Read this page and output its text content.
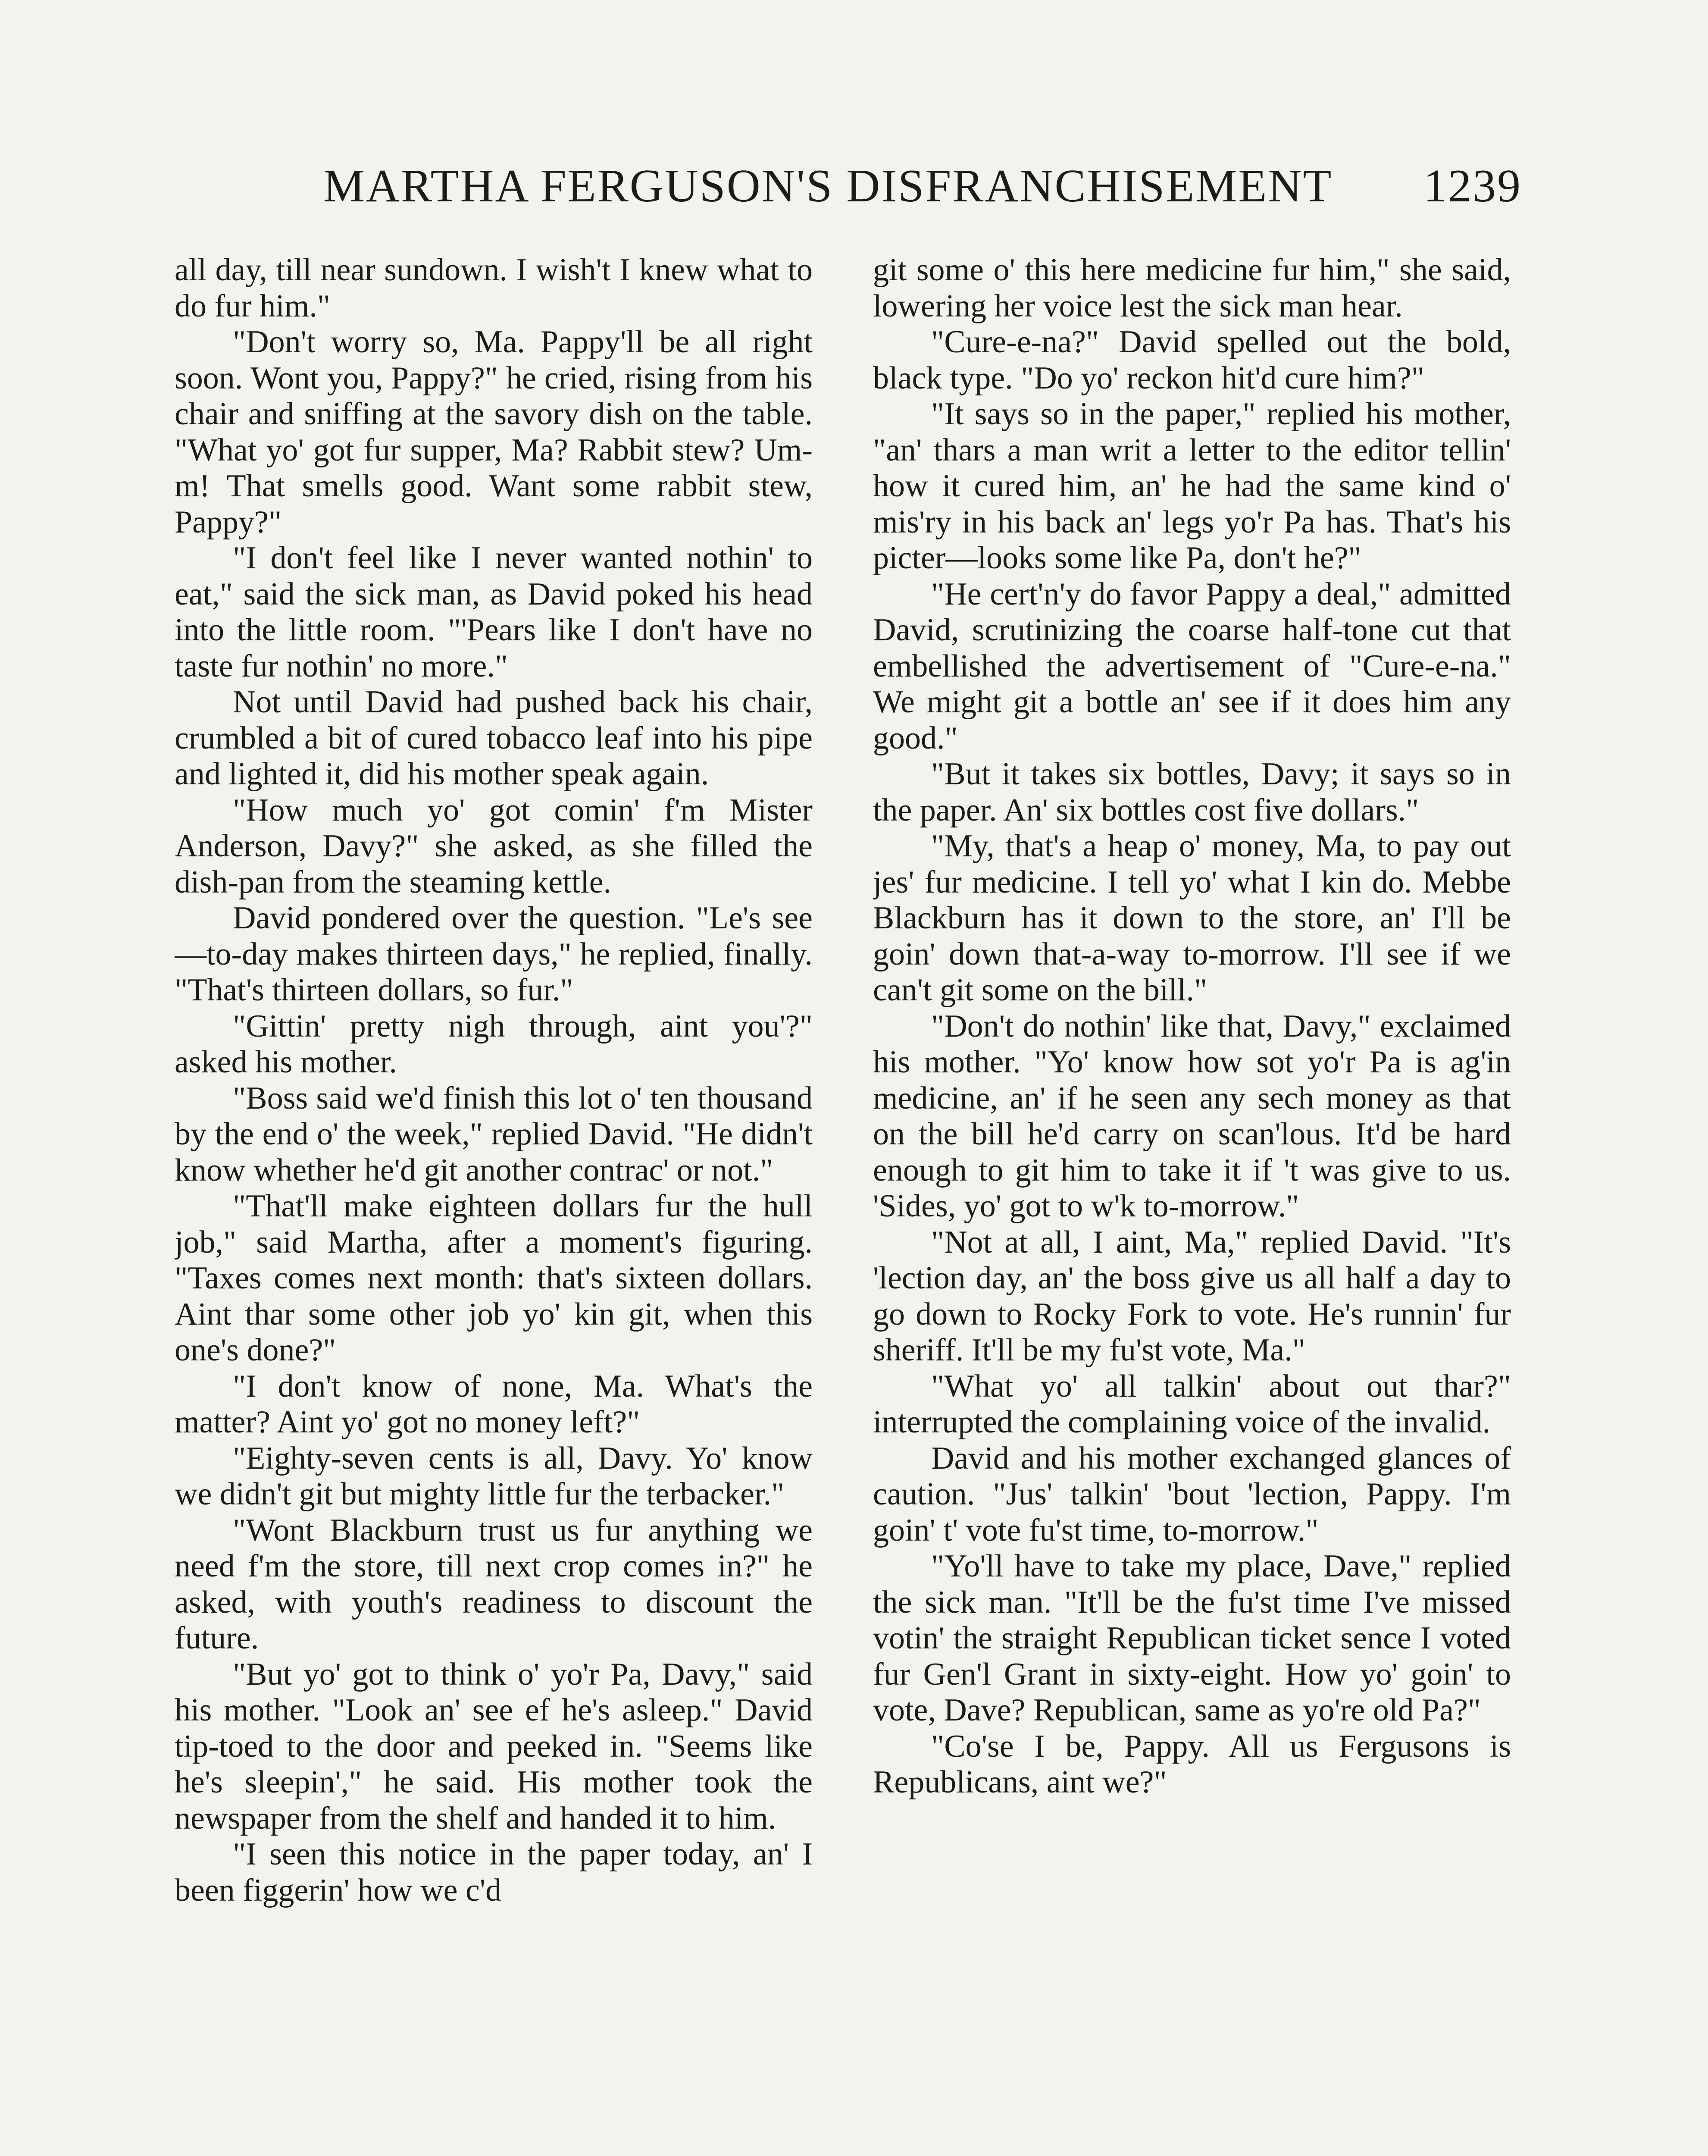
MARTHA FERGUSON'S DISFRANCHISEMENT 1239

all day, till near sundown. I wish't I knew what to do fur him."

"Don't worry so, Ma. Pappy'll be all right soon. Wont you, Pappy?" he cried, rising from his chair and sniffing at the savory dish on the table. "What yo' got fur supper, Ma? Rabbit stew? Um-m! That smells good. Want some rabbit stew, Pappy?"

"I don't feel like I never wanted nothin' to eat," said the sick man, as David poked his head into the little room. "'Pears like I don't have no taste fur nothin' no more."

Not until David had pushed back his chair, crumbled a bit of cured tobacco leaf into his pipe and lighted it, did his mother speak again.

"How much yo' got comin' f'm Mister Anderson, Davy?" she asked, as she filled the dish-pan from the steaming kettle.

David pondered over the question. "Le's see—to-day makes thirteen days," he replied, finally. "That's thirteen dollars, so fur."

"Gittin' pretty nigh through, aint you'?" asked his mother.

"Boss said we'd finish this lot o' ten thousand by the end o' the week," replied David. "He didn't know whether he'd git another contrac' or not."

"That'll make eighteen dollars fur the hull job," said Martha, after a moment's figuring. "Taxes comes next month: that's sixteen dollars. Aint thar some other job yo' kin git, when this one's done?"

"I don't know of none, Ma. What's the matter? Aint yo' got no money left?"

"Eighty-seven cents is all, Davy. Yo' know we didn't git but mighty little fur the terbacker."

"Wont Blackburn trust us fur anything we need f'm the store, till next crop comes in?" he asked, with youth's readiness to discount the future.

"But yo' got to think o' yo'r Pa, Davy," said his mother. "Look an' see ef he's asleep." David tip-toed to the door and peeked in. "Seems like he's sleepin'," he said. His mother took the newspaper from the shelf and handed it to him.

"I seen this notice in the paper today, an' I been figgerin' how we c'd

git some o' this here medicine fur him," she said, lowering her voice lest the sick man hear.

"Cure-e-na?" David spelled out the bold, black type. "Do yo' reckon hit'd cure him?"

"It says so in the paper," replied his mother, "an' thars a man writ a letter to the editor tellin' how it cured him, an' he had the same kind o' mis'ry in his back an' legs yo'r Pa has. That's his picter—looks some like Pa, don't he?"

"He cert'n'y do favor Pappy a deal," admitted David, scrutinizing the coarse half-tone cut that embellished the advertisement of "Cure-e-na." We might git a bottle an' see if it does him any good."

"But it takes six bottles, Davy; it says so in the paper. An' six bottles cost five dollars."

"My, that's a heap o' money, Ma, to pay out jes' fur medicine. I tell yo' what I kin do. Mebbe Blackburn has it down to the store, an' I'll be goin' down that-a-way to-morrow. I'll see if we can't git some on the bill."

"Don't do nothin' like that, Davy," exclaimed his mother. "Yo' know how sot yo'r Pa is ag'in medicine, an' if he seen any sech money as that on the bill he'd carry on scan'lous. It'd be hard enough to git him to take it if 't was give to us. 'Sides, yo' got to w'k to-morrow."

"Not at all, I aint, Ma," replied David. "It's 'lection day, an' the boss give us all half a day to go down to Rocky Fork to vote. He's runnin' fur sheriff. It'll be my fu'st vote, Ma."

"What yo' all talkin' about out thar?" interrupted the complaining voice of the invalid.

David and his mother exchanged glances of caution. "Jus' talkin' 'bout 'lection, Pappy. I'm goin' t' vote fu'st time, to-morrow."

"Yo'll have to take my place, Dave," replied the sick man. "It'll be the fu'st time I've missed votin' the straight Republican ticket sence I voted fur Gen'l Grant in sixty-eight. How yo' goin' to vote, Dave? Republican, same as yo're old Pa?"

"Co'se I be, Pappy. All us Fergusons is Republicans, aint we?"
